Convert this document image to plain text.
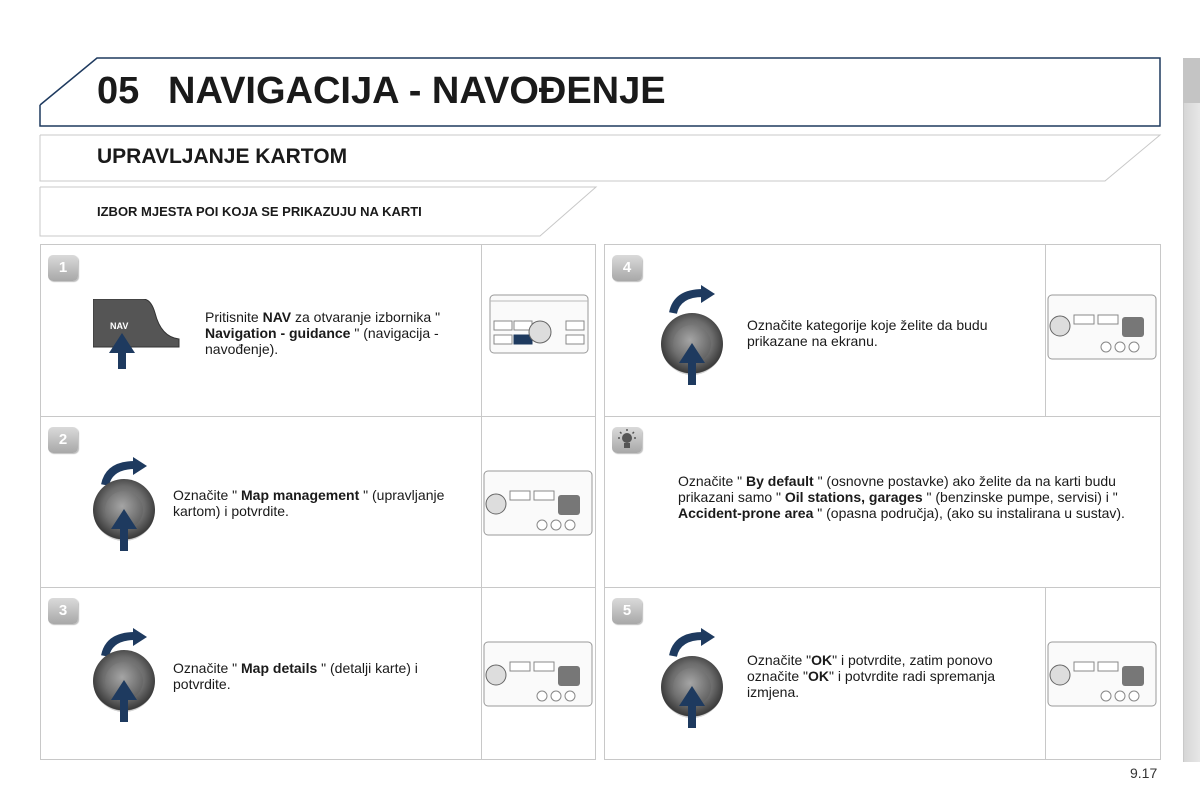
05 NAVIGACIJA - NAVOĐENJE
UPRAVLJANJE KARTOM
IZBOR MJESTA POI KOJA SE PRIKAZUJU NA KARTI
1
NAV
Pritisnite NAV za otvaranje izbornika " Navigation - guidance " (navigacija - navođenje).
2
Označite " Map management " (upravljanje kartom) i potvrdite.
3
Označite " Map details " (detalji karte) i potvrdite.
4
Označite kategorije koje želite da budu prikazane na ekranu.
Označite " By default " (osnovne postavke) ako želite da na karti budu prikazani samo " Oil stations, garages " (benzinske pumpe, servisi) i " Accident-prone area " (opasna područja), (ako su instalirana u sustav).
5
Označite "OK" i potvrdite, zatim ponovo označite "OK" i potvrdite radi spremanja izmjena.
9.17
